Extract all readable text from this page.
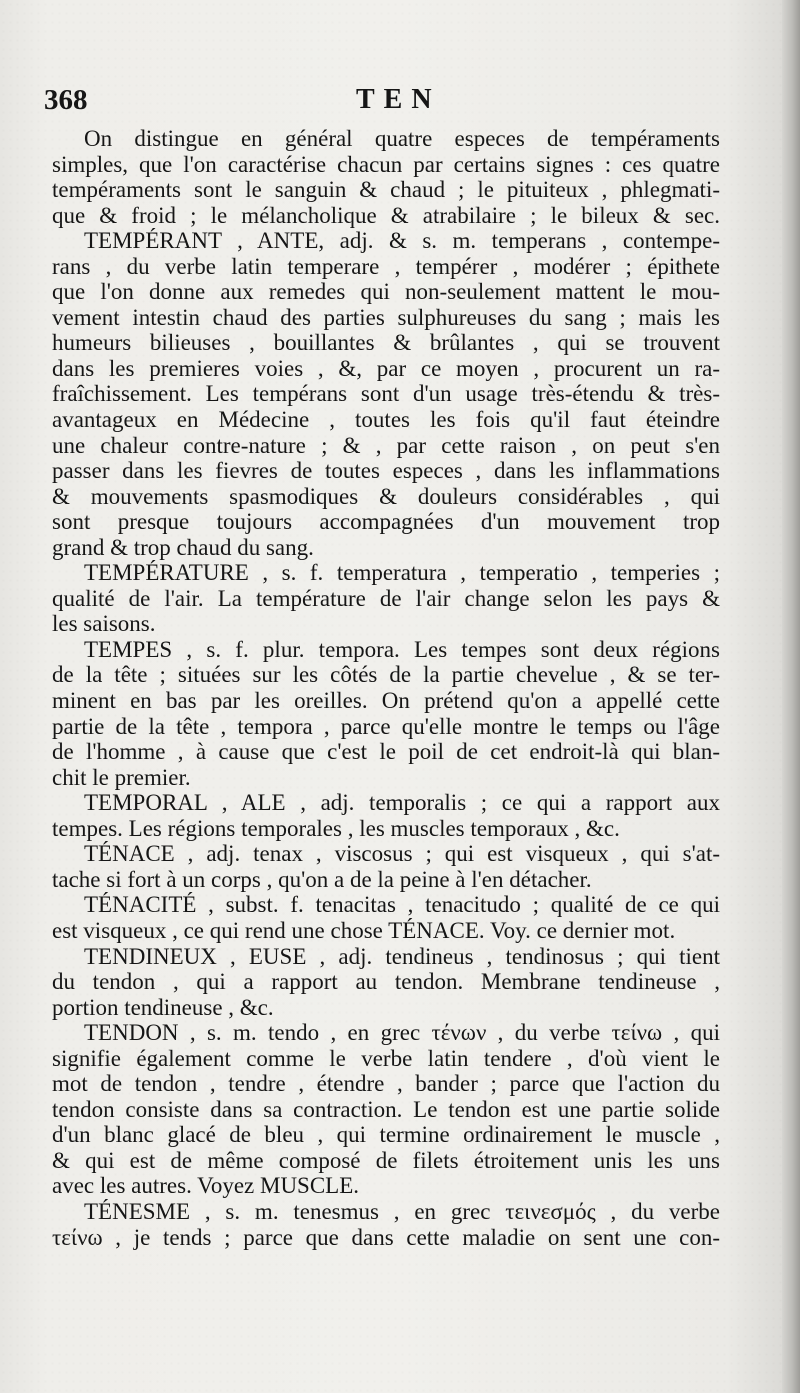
368	TEN
On distingue en général quatre especes de tempéraments
simples, que l'on caractérise chacun par certains signes : ces quatre
tempéraments sont le sanguin & chaud ; le pituiteux , phlegmati-
que & froid ; le mélancholique & atrabilaire ; le bileux & sec.
TEMPÉRANT , ANTE, adj. & s. m. temperans , contempe-
rans , du verbe latin temperare , tempérer , modérer ; épithete
que l'on donne aux remedes qui non-seulement mattent le mou-
vement intestin chaud des parties sulphureuses du sang ; mais les
humeurs bilieuses , bouillantes & brûlantes , qui se trouvent
dans les premieres voies , &, par ce moyen , procurent un ra-
fraîchissement. Les tempérans sont d'un usage très-étendu & très-
avantageux en Médecine , toutes les fois qu'il faut éteindre
une chaleur contre-nature ; & , par cette raison , on peut s'en
passer dans les fievres de toutes especes , dans les inflammations
& mouvements spasmodiques & douleurs considérables , qui
sont presque toujours accompagnées d'un mouvement trop
grand & trop chaud du sang.
TEMPÉRATURE , s. f. temperatura , temperatio , temperies ;
qualité de l'air. La température de l'air change selon les pays &
les saisons.
TEMPES , s. f. plur. tempora. Les tempes sont deux régions
de la tête ; situées sur les côtés de la partie chevelue , & se ter-
minent en bas par les oreilles. On prétend qu'on a appellé cette
partie de la tête , tempora , parce qu'elle montre le temps ou l'âge
de l'homme , à cause que c'est le poil de cet endroit-là qui blan-
chit le premier.
TEMPORAL , ALE , adj. temporalis ; ce qui a rapport aux
tempes. Les régions temporales , les muscles temporaux , &c.
TÉNACE , adj. tenax , viscosus ; qui est visqueux , qui s'at-
tache si fort à un corps , qu'on a de la peine à l'en détacher.
TÉNACITÉ , subst. f. tenacitas , tenacitudo ; qualité de ce qui
est visqueux , ce qui rend une chose TÉNACE. Voy. ce dernier mot.
TENDINEUX , EUSE , adj. tendineus , tendinosus ; qui tient
du tendon , qui a rapport au tendon. Membrane tendineuse ,
portion tendineuse , &c.
TENDON , s. m. tendo , en grec τένων , du verbe τείνω , qui
signifie également comme le verbe latin tendere , d'où vient le
mot de tendon , tendre , étendre , bander ; parce que l'action du
tendon consiste dans sa contraction. Le tendon est une partie solide
d'un blanc glacé de bleu , qui termine ordinairement le muscle ,
& qui est de même composé de filets étroitement unis les uns
avec les autres. Voyez MUSCLE.
TÉNESME , s. m. tenesmus , en grec τεινεσμός , du verbe
τείνω , je tends ; parce que dans cette maladie on sent une con-
